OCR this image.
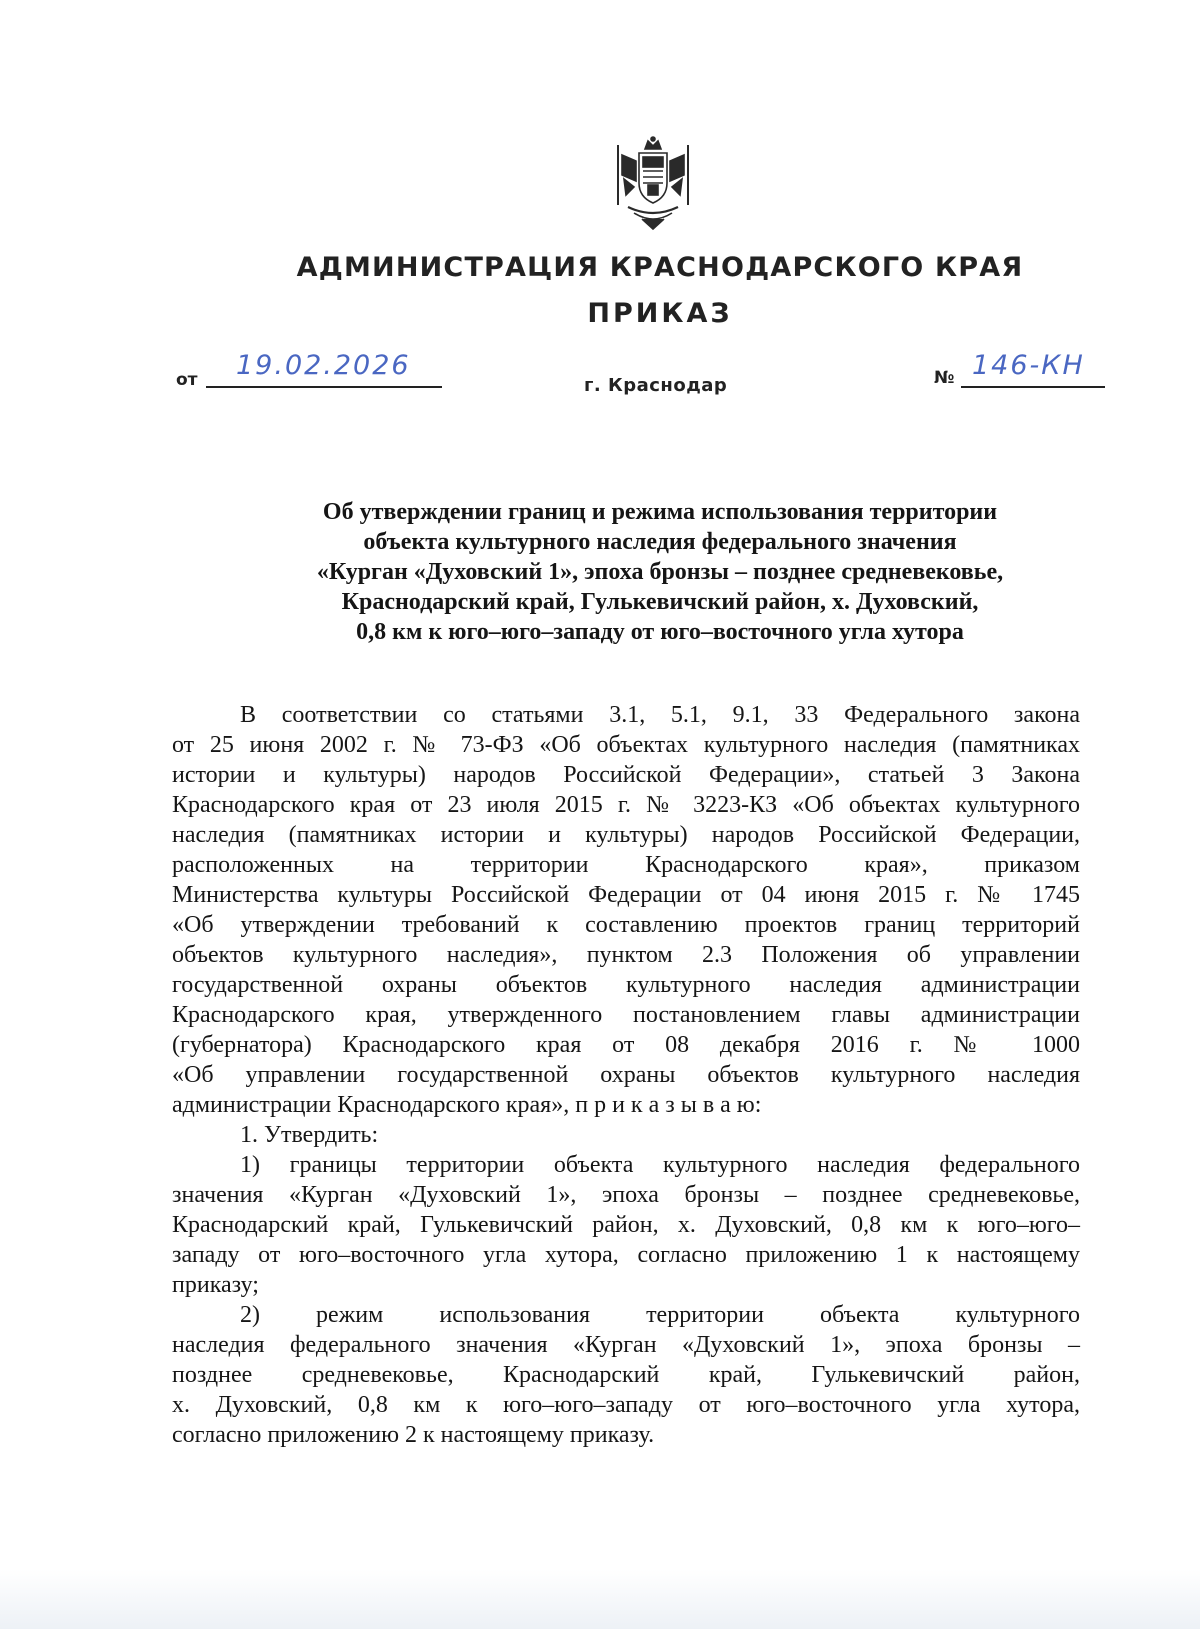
АДМИНИСТРАЦИЯ КРАСНОДАРСКОГО КРАЯ
ПРИКАЗ
от 19.02.2026	№ 146-КН
г. Краснодар
Об утверждении границ и режима использования территории
объекта культурного наследия федерального значения
«Курган «Духовский 1», эпоха бронзы – позднее средневековье,
Краснодарский край, Гулькевичский район, х. Духовский,
0,8 км к юго–юго–западу от юго–восточного угла хутора
В соответствии со статьями 3.1, 5.1, 9.1, 33 Федерального закона
от 25 июня 2002 г. № 73-ФЗ «Об объектах культурного наследия (памятниках
истории и культуры) народов Российской Федерации», статьей 3 Закона
Краснодарского края от 23 июля 2015 г. № 3223-КЗ «Об объектах культурного
наследия (памятниках истории и культуры) народов Российской Федерации,
расположенных на территории Краснодарского края», приказом
Министерства культуры Российской Федерации от 04 июня 2015 г. № 1745
«Об утверждении требований к составлению проектов границ территорий
объектов культурного наследия», пунктом 2.3 Положения об управлении
государственной охраны объектов культурного наследия администрации
Краснодарского края, утвержденного постановлением главы администрации
(губернатора) Краснодарского края от 08 декабря 2016 г. № 1000
«Об управлении государственной охраны объектов культурного наследия
администрации Краснодарского края», п р и к а з ы в а ю:
1. Утвердить:
1) границы территории объекта культурного наследия федерального
значения «Курган «Духовский 1», эпоха бронзы – позднее средневековье,
Краснодарский край, Гулькевичский район, х. Духовский, 0,8 км к юго–юго–
западу от юго–восточного угла хутора, согласно приложению 1 к настоящему
приказу;
2) режим использования территории объекта культурного
наследия федерального значения «Курган «Духовский 1», эпоха бронзы –
позднее средневековье, Краснодарский край, Гулькевичский район,
х. Духовский, 0,8 км к юго–юго–западу от юго–восточного угла хутора,
согласно приложению 2 к настоящему приказу.
